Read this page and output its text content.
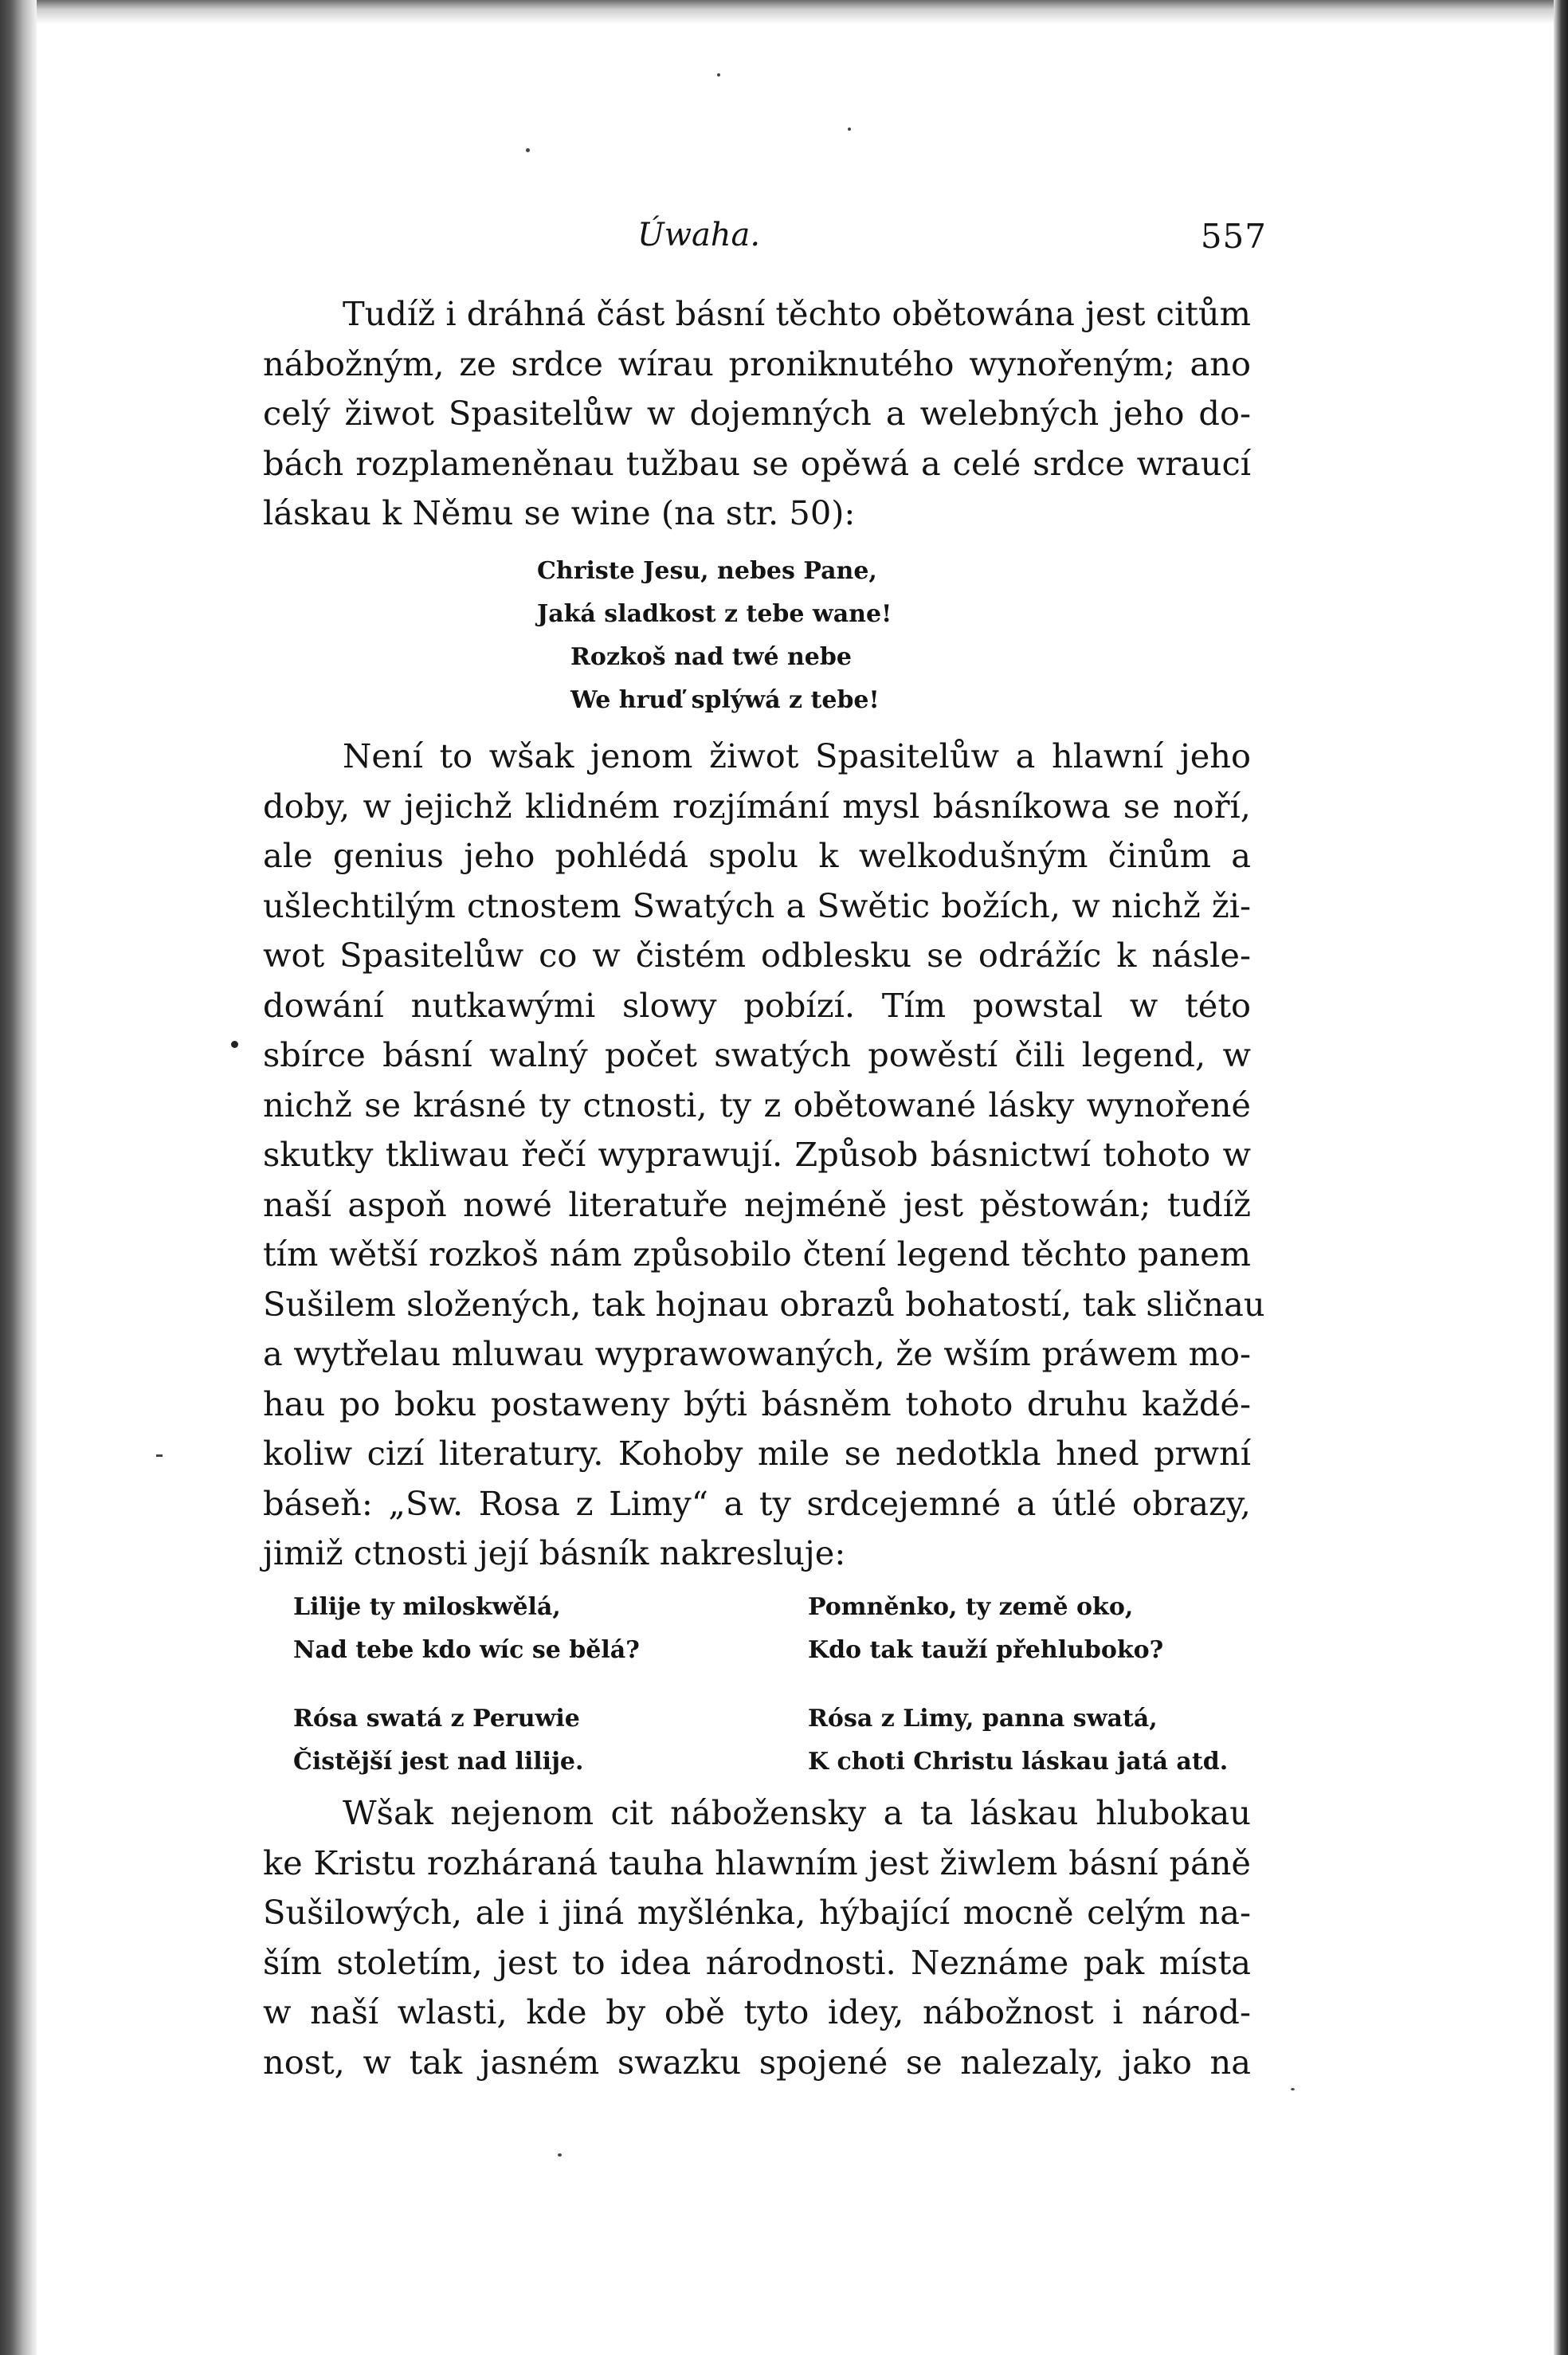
Úwaha.	557
Tudíž i dráhná část básní těchto obětowána jest citům
nábožným, ze srdce wírau proniknutého wynořeným; ano
celý žiwot Spasitelůw w dojemných a welebných jeho do-
bách rozplameněnau tužbau se opěwá a celé srdce wraucí
láskau k Němu se wine (na str. 50):
Christe Jesu, nebes Pane,
Jaká sladkost z tebe wane!
Rozkoš nad twé nebe
We hruď splýwá z tebe!
Není to wšak jenom žiwot Spasitelůw a hlawní jeho
doby, w jejichž klidném rozjímání mysl básníkowa se noří,
ale genius jeho pohlédá spolu k welkodušným činům a
ušlechtilým ctnostem Swatých a Swětic božích, w nichž ži-
wot Spasitelůw co w čistém odblesku se odrážíc k násle-
dowání nutkawými slowy pobízí. Tím powstal w této
sbírce básní walný počet swatých powěstí čili legend, w
nichž se krásné ty ctnosti, ty z obětowané lásky wynořené
skutky tkliwau řečí wyprawují. Způsob básnictwí tohoto w
naší aspoň nowé literatuře nejméně jest pěstowán; tudíž
tím wětší rozkoš nám způsobilo čtení legend těchto panem
Sušilem složených, tak hojnau obrazů bohatostí, tak sličnau
a wytřelau mluwau wyprawowaných, že wším práwem mo-
hau po boku postaweny býti básněm tohoto druhu každé-
koliw cizí literatury. Kohoby mile se nedotkla hned prwní
báseň: „Sw. Rosa z Limy“ a ty srdcejemné a útlé obrazy,
jimiž ctnosti její básník nakresluje:
Lilije ty miloskwělá,
Nad tebe kdo wíc se bělá?
Rósa swatá z Peruwie
Čistější jest nad lilije.
Pomněnko, ty země oko,
Kdo tak tauží přehluboko?
Rósa z Limy, panna swatá,
K choti Christu láskau jatá atd.
Wšak nejenom cit nábožensky a ta láskau hlubokau
ke Kristu rozháraná tauha hlawním jest žiwlem básní páně
Sušilowých, ale i jiná myšlénka, hýbající mocně celým na-
ším stoletím, jest to idea národnosti. Neznáme pak místa
w naší wlasti, kde by obě tyto idey, nábožnost i národ-
nost, w tak jasném swazku spojené se nalezaly, jako na
